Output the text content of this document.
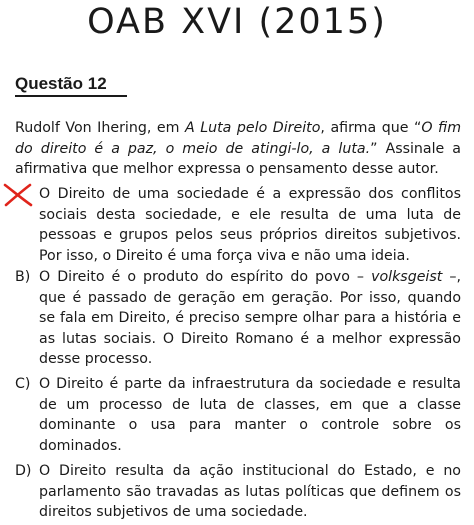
OAB XVI (2015)
Questão 12

Rudolf Von Ihering, em A Luta pelo Direito, afirma que “O fim do direito é a paz, o meio de atingi-lo, a luta.” Assinale a afirmativa que melhor expressa o pensamento desse autor.

O Direito de uma sociedade é a expressão dos conflitos sociais desta sociedade, e ele resulta de uma luta de pessoas e grupos pelos seus próprios direitos subjetivos. Por isso, o Direito é uma força viva e não uma ideia.
B) O Direito é o produto do espírito do povo – volksgeist –, que é passado de geração em geração. Por isso, quando se fala em Direito, é preciso sempre olhar para a história e as lutas sociais. O Direito Romano é a melhor expressão desse processo.
C) O Direito é parte da infraestrutura da sociedade e resulta de um processo de luta de classes, em que a classe dominante o usa para manter o controle sobre os dominados.
D) O Direito resulta da ação institucional do Estado, e no parlamento são travadas as lutas políticas que definem os direitos subjetivos de uma sociedade.
